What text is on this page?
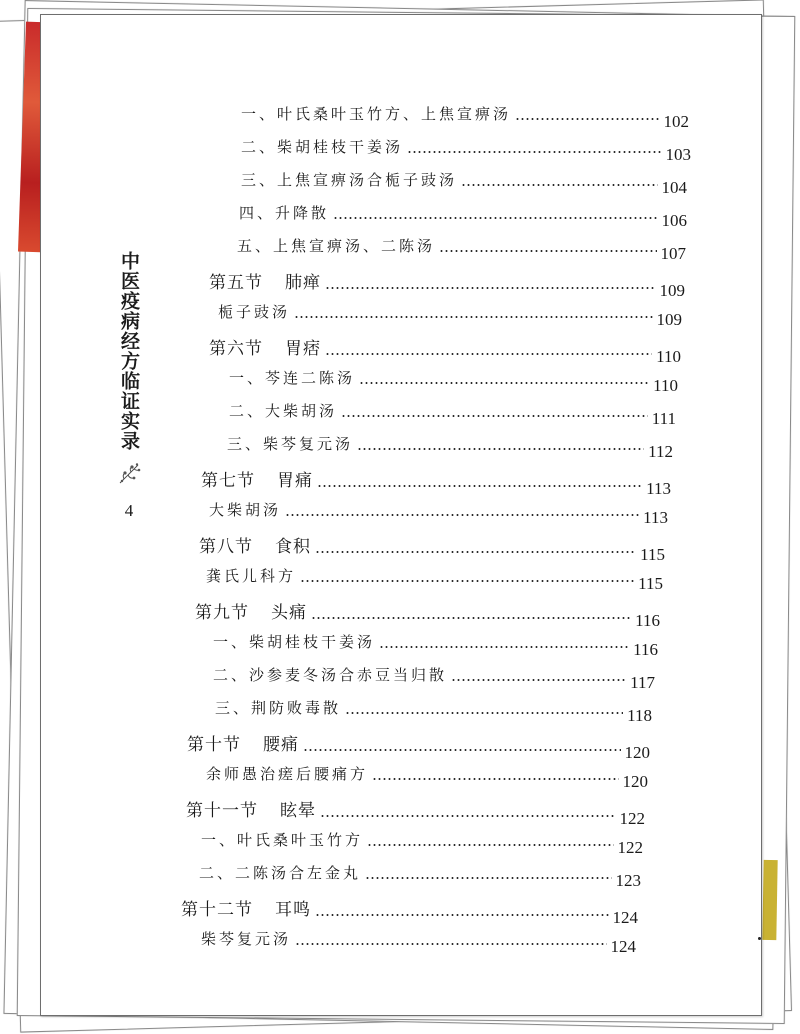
中医疫病经方临证实录
4
一、叶氏桑叶玉竹方、上焦宣痹汤	102
二、柴胡桂枝干姜汤	103
三、上焦宣痹汤合栀子豉汤	104
四、升降散	106
五、上焦宣痹汤、二陈汤	107
第五节 肺瘅	109
栀子豉汤	109
第六节 胃痞	110
一、芩连二陈汤	110
二、大柴胡汤	111
三、柴芩复元汤	112
第七节 胃痛	113
大柴胡汤	113
第八节 食积	115
龚氏儿科方	115
第九节 头痛	116
一、柴胡桂枝干姜汤	116
二、沙参麦冬汤合赤豆当归散	117
三、荆防败毒散	118
第十节 腰痛	120
余师愚治瘥后腰痛方	120
第十一节 眩晕	122
一、叶氏桑叶玉竹方	122
二、二陈汤合左金丸	123
第十二节 耳鸣	124
柴芩复元汤	124
